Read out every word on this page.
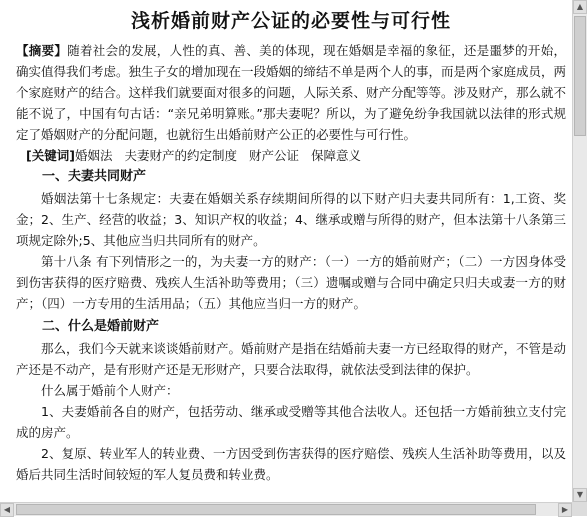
浅析婚前财产公证的必要性与可行性

【摘要】随着社会的发展，人性的真、善、美的体现，现在婚姻是幸福的象征，还是噩梦的开始，确实值得我们考虑。独生子女的增加现在一段婚姻的缔结不单是两个人的事，而是两个家庭成员，两个家庭财产的结合。这样我们就要面对很多的问题，人际关系、财产分配等等。涉及财产，那么就不能不说了，中国有句古话：“亲兄弟明算账。”那夫妻呢？所以，为了避免纷争我国就以法律的形式规定了婚姻财产的分配问题，也就衍生出婚前财产公正的必要性与可行性。

[关键词]婚姻法 夫妻财产的约定制度 财产公证 保障意义

一、夫妻共同财产

婚姻法第十七条规定：夫妻在婚姻关系存续期间所得的以下财产归夫妻共同所有：1,工资、奖金；2、生产、经营的收益；3、知识产权的收益；4、继承或赠与所得的财产，但本法第十八条第三项规定除外;5、其他应当归共同所有的财产。

第十八条 有下列情形之一的，为夫妻一方的财产：（一）一方的婚前财产；（二）一方因身体受到伤害获得的医疗赔费、残疾人生活补助等费用；（三）遗嘱或赠与合同中确定只归夫或妻一方的财产；（四）一方专用的生活用品；（五）其他应当归一方的财产。

二、什么是婚前财产

那么，我们今天就来谈谈婚前财产。婚前财产是指在结婚前夫妻一方已经取得的财产，不管是动产还是不动产，是有形财产还是无形财产，只要合法取得，就依法受到法律的保护。

什么属于婚前个人财产：

1、夫妻婚前各自的财产，包括劳动、继承或受赠等其他合法收人。还包括一方婚前独立支付完成的房产。

2、复原、转业军人的转业费、一方因受到伤害获得的医疗赔偿、残疾人生活补助等费用，以及婚后共同生活时间较短的军人复员费和转业费。

▲
▼
◀	▶
